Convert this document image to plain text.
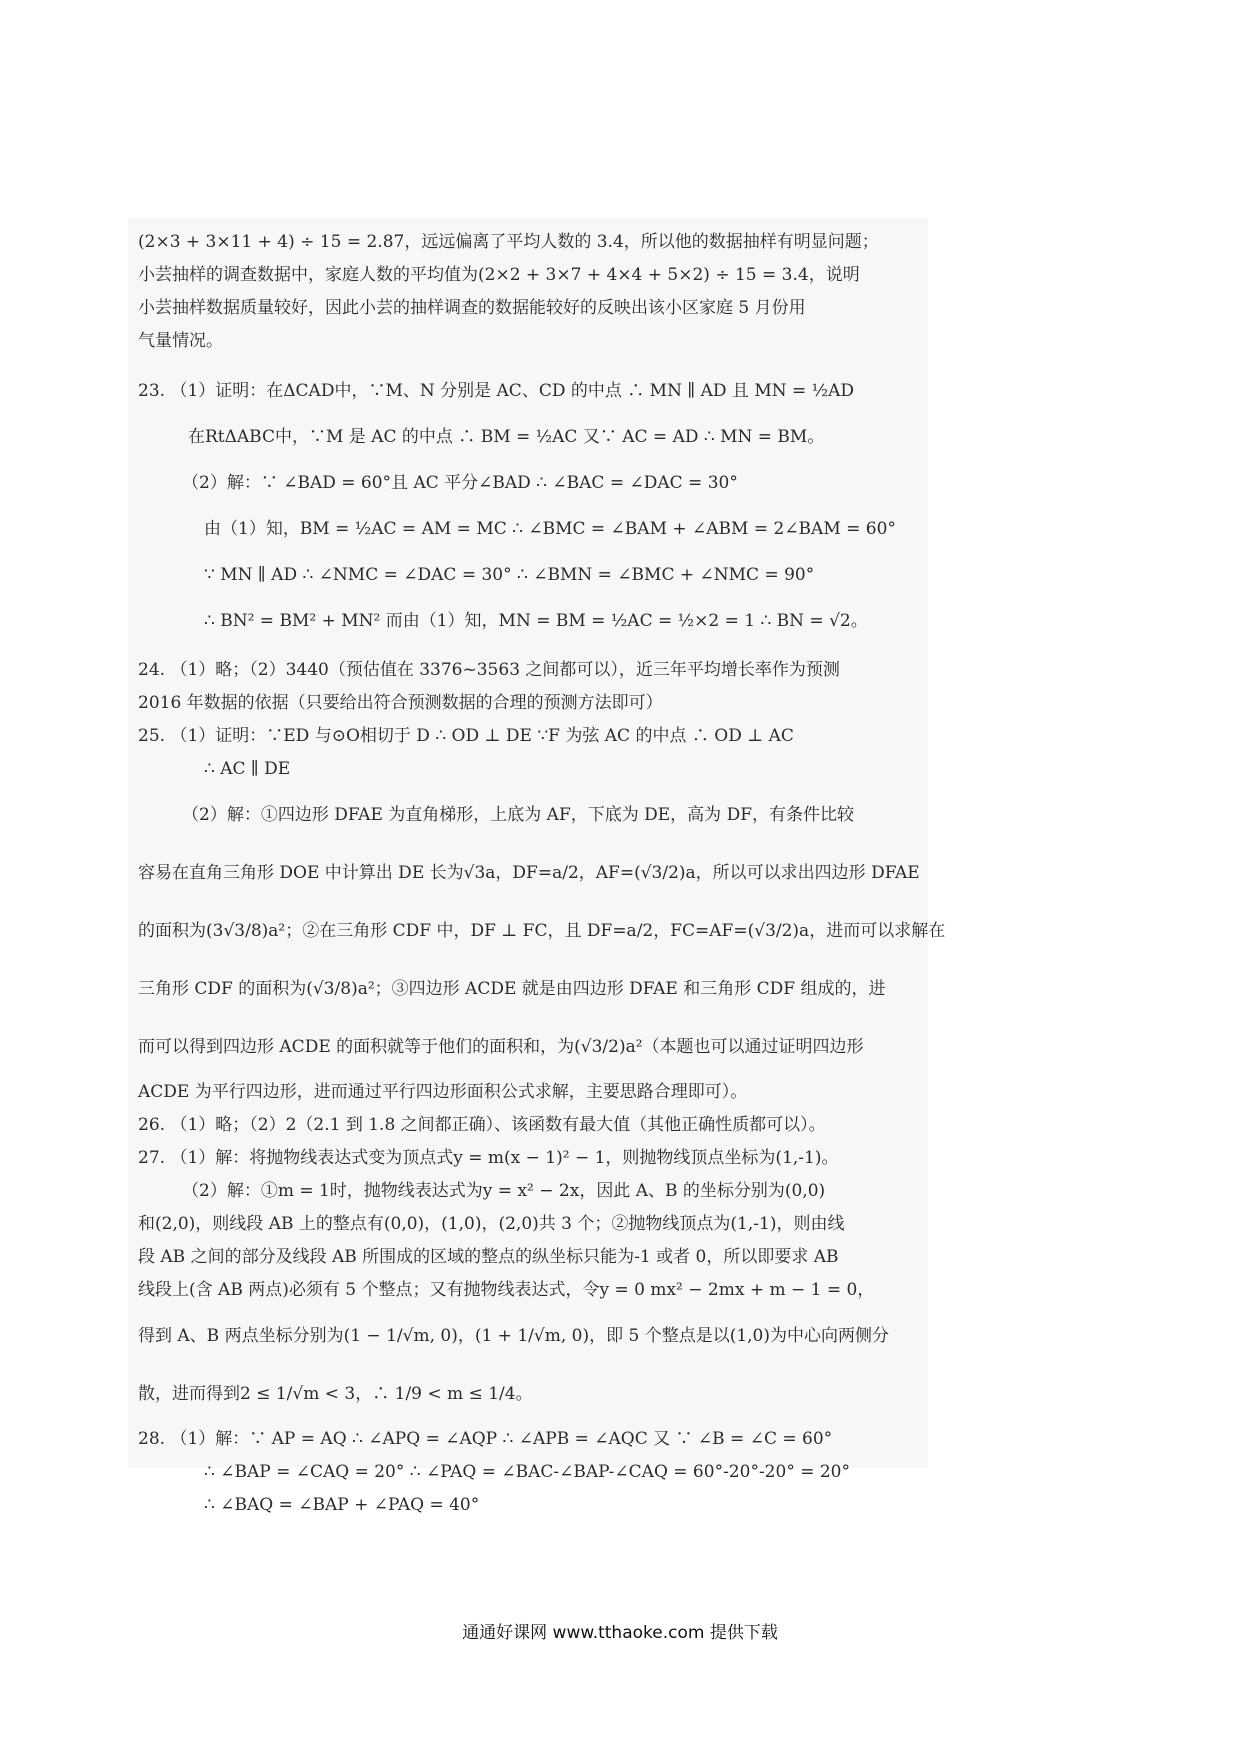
(2×3 + 3×11 + 4) ÷ 15 = 2.87，远远偏离了平均人数的 3.4，所以他的数据抽样有明显问题；
小芸抽样的调查数据中，家庭人数的平均值为(2×2 + 3×7 + 4×4 + 5×2) ÷ 15 = 3.4，说明
小芸抽样数据质量较好，因此小芸的抽样调查的数据能较好的反映出该小区家庭 5 月份用
气量情况。
23. （1）证明：在ΔCAD中，∵M、N 分别是 AC、CD 的中点 ∴ MN ∥ AD 且 MN = ½AD
在RtΔABC中，∵M 是 AC 的中点 ∴ BM = ½AC 又∵ AC = AD ∴ MN = BM。
（2）解：∵ ∠BAD = 60°且 AC 平分∠BAD ∴ ∠BAC = ∠DAC = 30°
由（1）知，BM = ½AC = AM = MC ∴ ∠BMC = ∠BAM + ∠ABM = 2∠BAM = 60°
∵ MN ∥ AD ∴ ∠NMC = ∠DAC = 30° ∴ ∠BMN = ∠BMC + ∠NMC = 90°
∴ BN² = BM² + MN² 而由（1）知，MN = BM = ½AC = ½×2 = 1 ∴ BN = √2。
24. （1）略；（2）3440（预估值在 3376~3563 之间都可以），近三年平均增长率作为预测
2016 年数据的依据（只要给出符合预测数据的合理的预测方法即可）
25. （1）证明：∵ED 与⊙O相切于 D ∴ OD ⊥ DE ∵F 为弦 AC 的中点 ∴ OD ⊥ AC
∴ AC ∥ DE
（2）解：①四边形 DFAE 为直角梯形，上底为 AF，下底为 DE，高为 DF，有条件比较
容易在直角三角形 DOE 中计算出 DE 长为√3a，DF=a/2，AF=(√3/2)a，所以可以求出四边形 DFAE
的面积为(3√3/8)a²；②在三角形 CDF 中，DF ⊥ FC，且 DF=a/2，FC=AF=(√3/2)a，进而可以求解在
三角形 CDF 的面积为(√3/8)a²；③四边形 ACDE 就是由四边形 DFAE 和三角形 CDF 组成的，进
而可以得到四边形 ACDE 的面积就等于他们的面积和，为(√3/2)a²（本题也可以通过证明四边形
ACDE 为平行四边形，进而通过平行四边形面积公式求解，主要思路合理即可）。
26. （1）略；（2）2（2.1 到 1.8 之间都正确）、该函数有最大值（其他正确性质都可以）。
27. （1）解：将抛物线表达式变为顶点式y = m(x − 1)² − 1，则抛物线顶点坐标为(1,-1)。
（2）解：①m = 1时，抛物线表达式为y = x² − 2x，因此 A、B 的坐标分别为(0,0)
和(2,0)，则线段 AB 上的整点有(0,0)，(1,0)，(2,0)共 3 个；②抛物线顶点为(1,-1)，则由线
段 AB 之间的部分及线段 AB 所围成的区域的整点的纵坐标只能为-1 或者 0，所以即要求 AB
线段上(含 AB 两点)必须有 5 个整点；又有抛物线表达式，令y = 0 mx² − 2mx + m − 1 = 0，
得到 A、B 两点坐标分别为(1 − 1/√m, 0)，(1 + 1/√m, 0)，即 5 个整点是以(1,0)为中心向两侧分
散，进而得到2 ≤ 1/√m < 3，∴ 1/9 < m ≤ 1/4。
28. （1）解：∵ AP = AQ ∴ ∠APQ = ∠AQP ∴ ∠APB = ∠AQC 又 ∵ ∠B = ∠C = 60°
∴ ∠BAP = ∠CAQ = 20° ∴ ∠PAQ = ∠BAC-∠BAP-∠CAQ = 60°-20°-20° = 20°
∴ ∠BAQ = ∠BAP + ∠PAQ = 40°
通通好课网 www.tthaoke.com 提供下载
